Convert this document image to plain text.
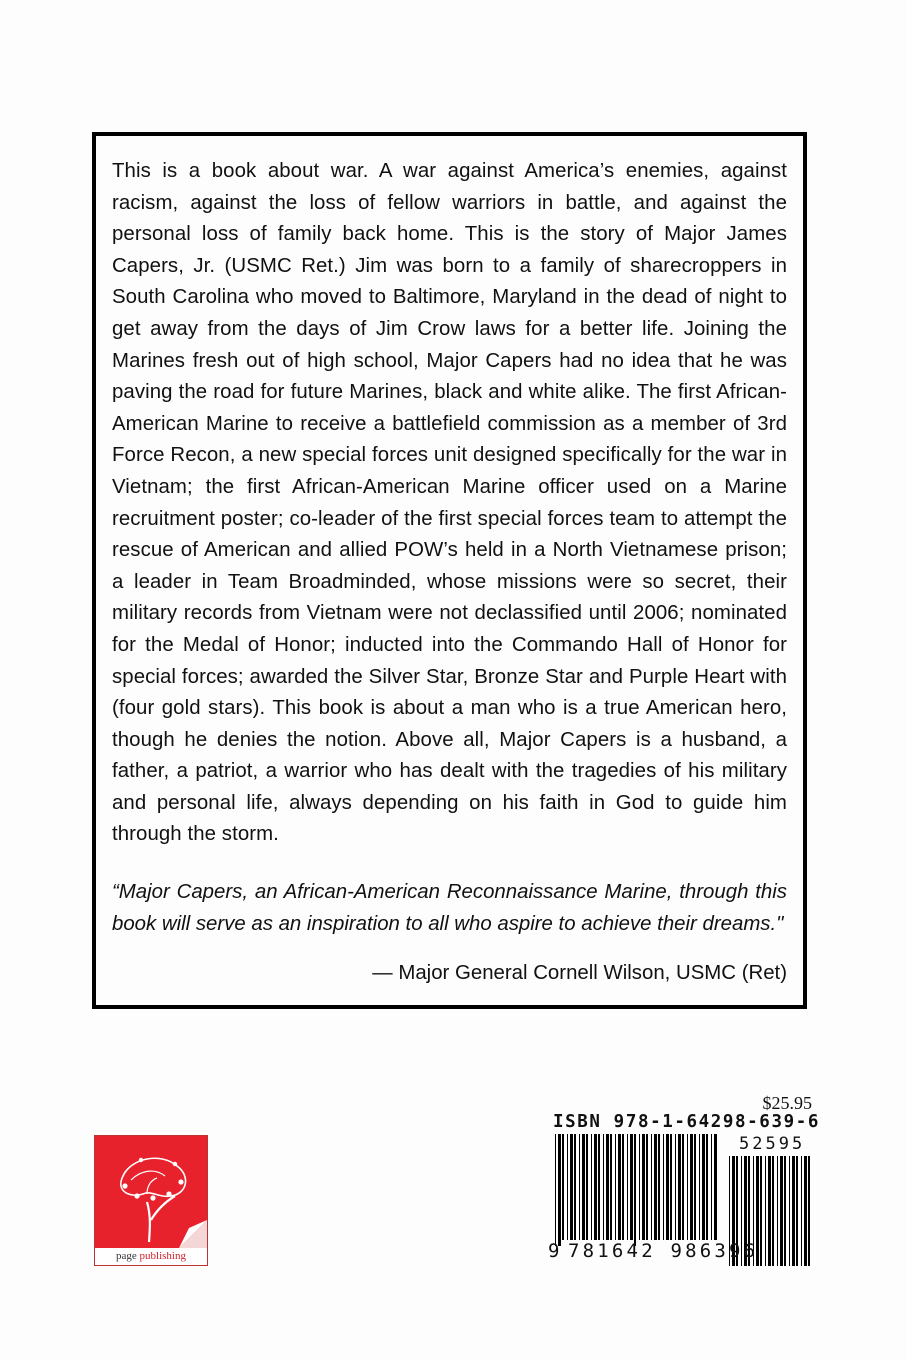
This is a book about war. A war against America’s enemies, against racism, against the loss of fellow warriors in battle, and against the personal loss of family back home. This is the story of Major James Capers, Jr. (USMC Ret.) Jim was born to a family of sharecroppers in South Carolina who moved to Baltimore, Maryland in the dead of night to get away from the days of Jim Crow laws for a better life. Joining the Marines fresh out of high school, Major Capers had no idea that he was paving the road for future Marines, black and white alike. The first African-American Marine to receive a battlefield commission as a member of 3rd Force Recon, a new special forces unit designed specifically for the war in Vietnam; the first African-American Marine officer used on a Marine recruitment poster; co-leader of the first special forces team to attempt the rescue of American and allied POW’s held in a North Vietnamese prison; a leader in Team Broadminded, whose missions were so secret, their military records from Vietnam were not declassified until 2006; nominated for the Medal of Honor; inducted into the Commando Hall of Honor for special forces; awarded the Silver Star, Bronze Star and Purple Heart with (four gold stars). This book is about a man who is a true American hero, though he denies the notion. Above all, Major Capers is a husband, a father, a patriot, a warrior who has dealt with the tragedies of his military and personal life, always depending on his faith in God to guide him through the storm.

“Major Capers, an African-American Reconnaissance Marine, through this book will serve as an inspiration to all who aspire to achieve their dreams."

— Major General Cornell Wilson, USMC (Ret)

page publishing
$25.95
ISBN 978-1-64298-639-6
52595
9 781642 986396
